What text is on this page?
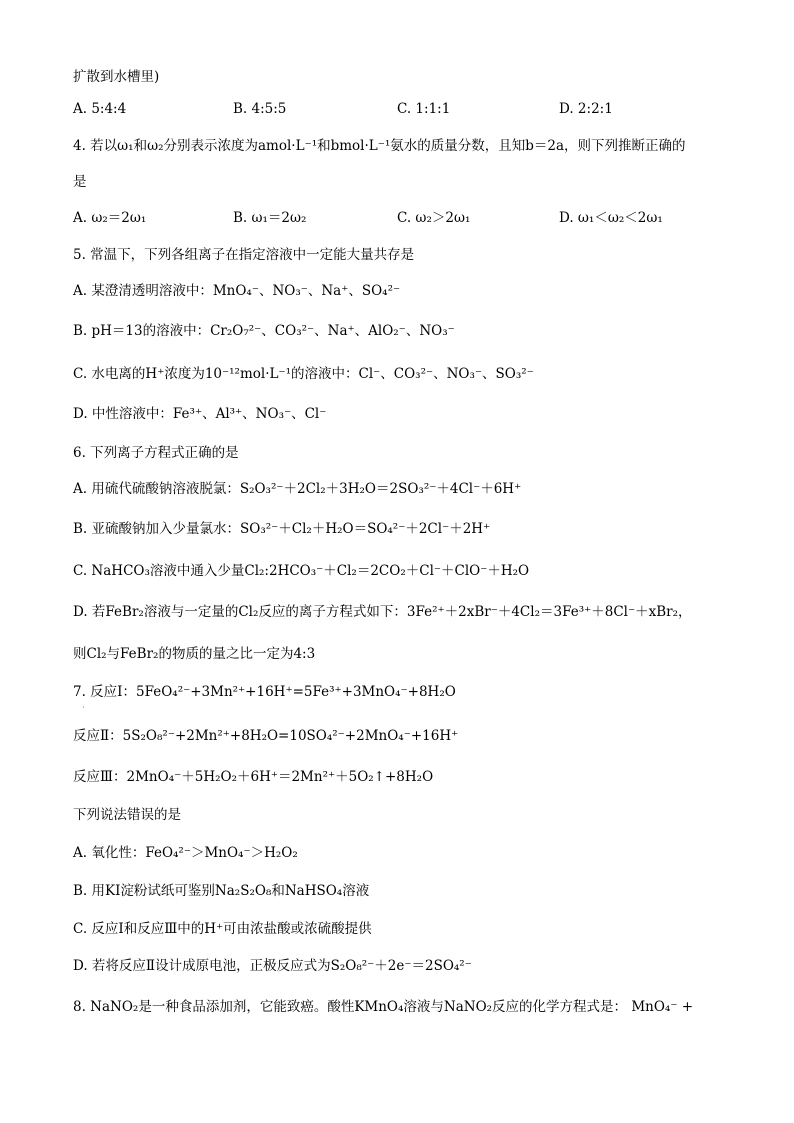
扩散到水槽里)
A. 5:4:4	B. 4:5:5	C. 1:1:1	D. 2:2:1
4. 若以ω₁和ω₂分别表示浓度为amol·L⁻¹和bmol·L⁻¹氨水的质量分数，且知b＝2a，则下列推断正确的
是
A. ω₂＝2ω₁	B. ω₁＝2ω₂	C. ω₂＞2ω₁	D. ω₁＜ω₂＜2ω₁
5. 常温下，下列各组离子在指定溶液中一定能大量共存是
A. 某澄清透明溶液中：MnO₄⁻、NO₃⁻、Na⁺、SO₄²⁻
B. pH＝13的溶液中：Cr₂O₇²⁻、CO₃²⁻、Na⁺、AlO₂⁻、NO₃⁻
C. 水电离的H⁺浓度为10⁻¹²mol·L⁻¹的溶液中：Cl⁻、CO₃²⁻、NO₃⁻、SO₃²⁻
D. 中性溶液中：Fe³⁺、Al³⁺、NO₃⁻、Cl⁻
6. 下列离子方程式正确的是
A. 用硫代硫酸钠溶液脱氯：S₂O₃²⁻＋2Cl₂＋3H₂O＝2SO₃²⁻＋4Cl⁻＋6H⁺
B. 亚硫酸钠加入少量氯水：SO₃²⁻＋Cl₂＋H₂O＝SO₄²⁻＋2Cl⁻＋2H⁺
C. NaHCO₃溶液中通入少量Cl₂:2HCO₃⁻＋Cl₂＝2CO₂＋Cl⁻＋ClO⁻＋H₂O
D. 若FeBr₂溶液与一定量的Cl₂反应的离子方程式如下：3Fe²⁺＋2xBr⁻＋4Cl₂＝3Fe³⁺＋8Cl⁻＋xBr₂，
则Cl₂与FeBr₂的物质的量之比一定为4:3
7. 反应Ⅰ：5FeO₄²⁻+3Mn²⁺+16H⁺=5Fe³⁺+3MnO₄⁻+8H₂O
·
反应Ⅱ：5S₂O₈²⁻+2Mn²⁺+8H₂O=10SO₄²⁻+2MnO₄⁻+16H⁺
反应Ⅲ：2MnO₄⁻＋5H₂O₂＋6H⁺＝2Mn²⁺＋5O₂↑+8H₂O
下列说法错误的是
A. 氧化性：FeO₄²⁻＞MnO₄⁻＞H₂O₂
B. 用KI淀粉试纸可鉴别Na₂S₂O₈和NaHSO₄溶液
C. 反应Ⅰ和反应Ⅲ中的H⁺可由浓盐酸或浓硫酸提供
D. 若将反应Ⅱ设计成原电池，正极反应式为S₂O₈²⁻＋2e⁻＝2SO₄²⁻
8. NaNO₂是一种食品添加剂，它能致癌。酸性KMnO₄溶液与NaNO₂反应的化学方程式是： MnO₄⁻ +
